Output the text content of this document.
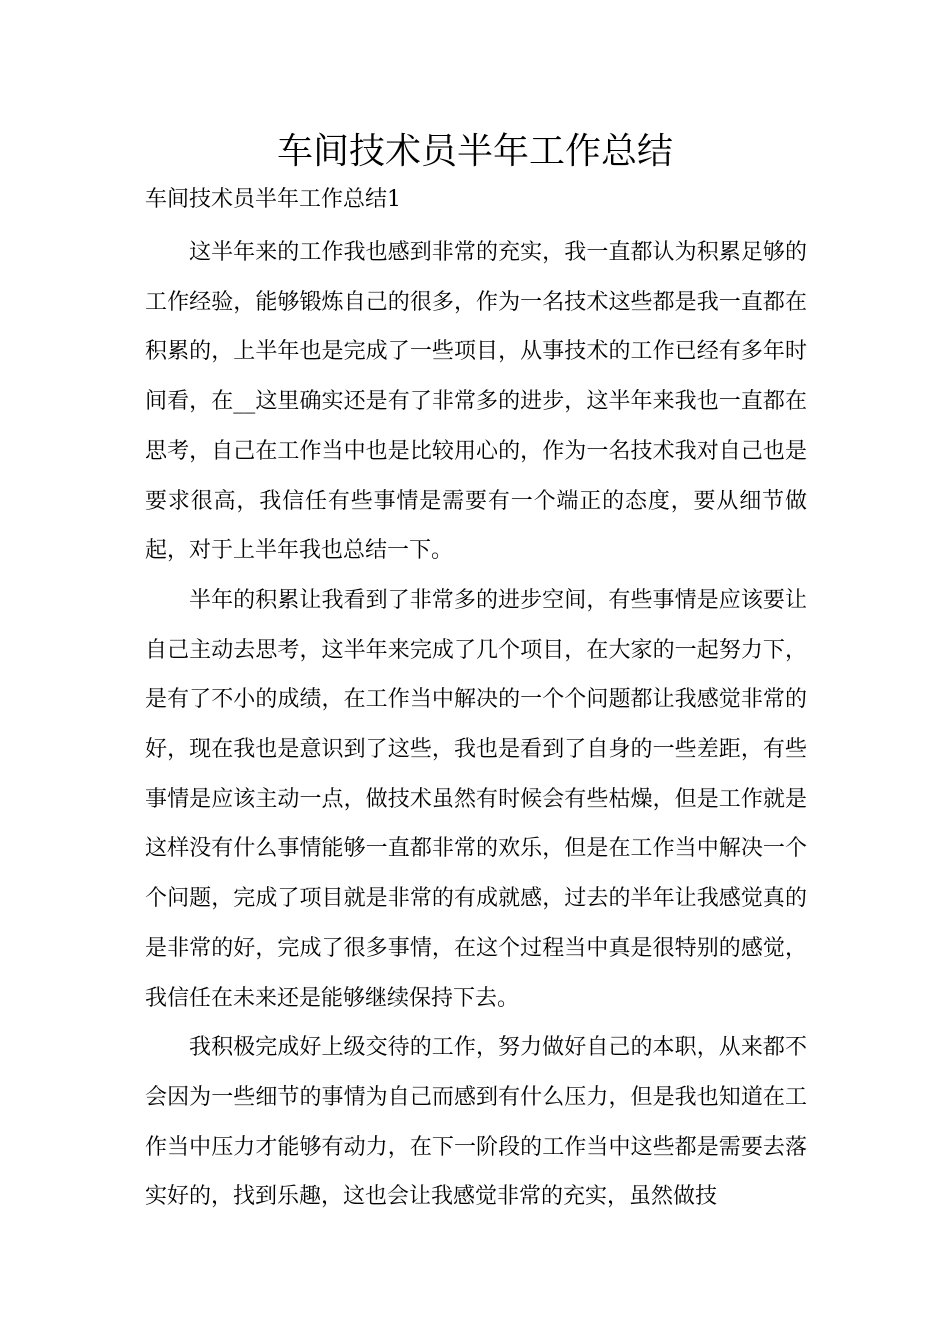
车间技术员半年工作总结

车间技术员半年工作总结1

这半年来的工作我也感到非常的充实，我一直都认为积累足够的工作经验，能够锻炼自己的很多，作为一名技术这些都是我一直都在积累的，上半年也是完成了一些项目，从事技术的工作已经有多年时间看，在__这里确实还是有了非常多的进步，这半年来我也一直都在思考，自己在工作当中也是比较用心的，作为一名技术我对自己也是要求很高，我信任有些事情是需要有一个端正的态度，要从细节做起，对于上半年我也总结一下。

半年的积累让我看到了非常多的进步空间，有些事情是应该要让自己主动去思考，这半年来完成了几个项目，在大家的一起努力下，是有了不小的成绩，在工作当中解决的一个个问题都让我感觉非常的好，现在我也是意识到了这些，我也是看到了自身的一些差距，有些事情是应该主动一点，做技术虽然有时候会有些枯燥，但是工作就是这样没有什么事情能够一直都非常的欢乐，但是在工作当中解决一个个问题，完成了项目就是非常的有成就感，过去的半年让我感觉真的是非常的好，完成了很多事情，在这个过程当中真是很特别的感觉，我信任在未来还是能够继续保持下去。

我积极完成好上级交待的工作，努力做好自己的本职，从来都不会因为一些细节的事情为自己而感到有什么压力，但是我也知道在工作当中压力才能够有动力，在下一阶段的工作当中这些都是需要去落实好的，找到乐趣，这也会让我感觉非常的充实，虽然做技
